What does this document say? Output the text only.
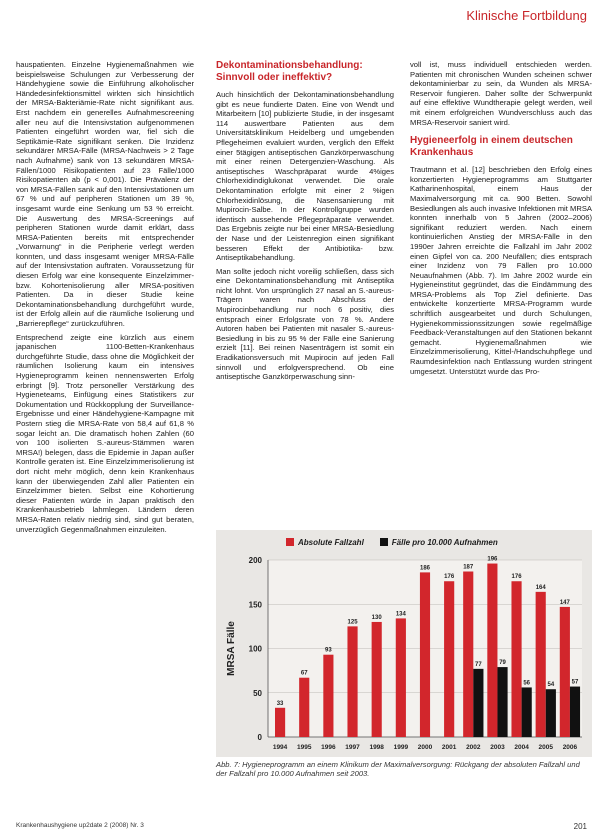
Klinische Fortbildung

hauspatienten. Einzelne Hygienemaßnahmen wie beispielsweise Schulungen zur Verbesserung der Händehygiene sowie die Einführung alkoholischer Händedesinfektionsmittel wirkten sich hinsichtlich der MRSA-Bakteriämie-Rate nicht signifikant aus. Erst nachdem ein generelles Aufnahmescreening aller neu auf die Intensivstation aufgenommenen Patienten eingeführt worden war, fiel sich die Septikämie-Rate signifikant senken. Die Inzidenz sekundärer MRSA-Fälle (MRSA-Nachweis > 2 Tage nach Aufnahme) sank von 13 sekundären MRSA-Fällen/1000 Risikopatienten auf 23 Fälle/1000 Risikopatienten ab (p < 0,001). Die Prävalenz der von MRSA-Fällen sank auf den Intensivstationen um 67 % und auf peripheren Stationen um 39 %, insgesamt wurde eine Senkung um 53 % erreicht. Die Auswertung des MRSA-Screenings auf peripheren Stationen wurde damit erklärt, dass MRSA-Patienten bereits mit entsprechender „Vorwarnung“ in die Peripherie verlegt werden konnten, und dass insgesamt weniger MRSA-Fälle auf der Intensivstation auftraten. Voraussetzung für diesen Erfolg war eine konsequente Einzelzimmer- bzw. Kohortenisolierung aller MRSA-positiven Patienten. Da in dieser Studie keine Dekontaminationsbehandlung durchgeführt wurde, ist der Erfolg allein auf die räumliche Isolierung und „Barrierepflege“ zurückzuführen.

Entsprechend zeigte eine kürzlich aus einem japanischen 1100-Betten-Krankenhaus durchgeführte Studie, dass ohne die Möglichkeit der räumlichen Isolierung kaum ein intensives Hygieneprogramm keinen nennenswerten Erfolg erbringt [9]. Trotz personeller Verstärkung des Hygieneteams, Einfügung eines Statistikers zur Dokumentation und Rückkopplung der Surveillance-Ergebnisse und einer Händehygiene-Kampagne mit Postern stieg die MRSA-Rate von 58,4 auf 61,8 % sogar leicht an. Die dramatisch hohen Zahlen (60 von 100 isolierten S.-aureus-Stämmen waren MRSA!) belegen, dass die Epidemie in Japan außer Kontrolle geraten ist. Eine Einzelzimmerisolierung ist dort nicht mehr möglich, denn kein Krankenhaus kann der überwiegenden Zahl aller Patienten ein Einzelzimmer bieten. Selbst eine Kohortierung dieser Patienten würde in Japan praktisch den Krankenhausbetrieb lahmlegen. Ländern deren MRSA-Raten relativ niedrig sind, sind gut beraten, unverzüglich Gegenmaßnahmen einzuleiten.

Dekontaminationsbehandlung: Sinnvoll oder ineffektiv?

Auch hinsichtlich der Dekontaminationsbehandlung gibt es neue fundierte Daten. Eine von Wendt und Mitarbeitern [10] publizierte Studie, in der insgesamt 114 auswertbare Patienten aus dem Universitätsklinikum Heidelberg und umgebenden Pflegeheimen evaluiert wurden, verglich den Effekt einer 5tägigen antiseptischen Ganzkörperwaschung mit einer reinen Detergenzien-Waschung. Als antiseptisches Waschpräparat wurde 4%iges Chlorhexidindiglukonat verwendet. Die orale Dekontamination erfolgte mit einer 2 %igen Chlorhexidinlösung, die Nasensanierung mit Mupirocin-Salbe. In der Kontrollgruppe wurden identisch aussehende Pflegepräparate verwendet. Das Ergebnis zeigte nur bei einer MRSA-Besiedlung der Nase und der Leistenregion einen signifikant besseren Effekt der Antibiotika- bzw. Antiseptikabehandlung.

Man sollte jedoch nicht voreilig schließen, dass sich eine Dekontaminationsbehandlung mit Antiseptika nicht lohnt. Von ursprünglich 27 nasal an S.-aureus-Trägern waren nach Abschluss der Mupirocinbehandlung nur noch 6 positiv, dies entsprach einer Erfolgsrate von 78 %. Andere Autoren haben bei Patienten mit nasaler S.-aureus-Besiedlung in bis zu 95 % der Fälle eine Sanierung erzielt [11]. Bei reinen Nasenträgern ist somit ein Eradikationsversuch mit Mupirocin auf jeden Fall sinnvoll und erfolgversprechend. Ob eine antiseptische Ganzkörperwaschung sinn-

voll ist, muss individuell entschieden werden. Patienten mit chronischen Wunden scheinen schwer dekontaminierbar zu sein, da Wunden als MRSA-Reservoir fungieren. Daher sollte der Schwerpunkt auf eine effektive Wundtherapie gelegt werden, weil mit einem erfolgreichen Wundverschluss auch das MRSA-Reservoir saniert wird.

Hygieneerfolg in einem deutschen Krankenhaus

Trautmann et al. [12] beschrieben den Erfolg eines konzertierten Hygieneprogramms am Stuttgarter Katharinenhospital, einem Haus der Maximalversorgung mit ca. 900 Betten. Sowohl Besiedlungen als auch invasive Infektionen mit MRSA konnten innerhalb von 5 Jahren (2002–2006) signifikant reduziert werden. Nach einem kontinuierlichen Anstieg der MRSA-Fälle in den 1990er Jahren erreichte die Fallzahl im Jahr 2002 einen Gipfel von ca. 200 Neufällen; dies entsprach einer Inzidenz von 79 Fällen pro 10.000 Neuaufnahmen (Abb. 7). Im Jahre 2002 wurde ein Hygieneinstitut gegründet, das die Eindämmung des MRSA-Problems als Top Ziel definierte. Das entwickelte konzertierte MRSA-Programm wurde schriftlich ausgearbeitet und durch Schulungen, Hygienekommissionssitzungen sowie regelmäßige Feedback-Veranstaltungen auf den Stationen bekannt gemacht. Hygienemaßnahmen wie Einzelzimmerisolierung, Kittel-/Handschuhpflege und Raumdesinfektion nach Entlassung wurden stringent umgesetzt. Unterstützt wurde das Pro-

Absolute Fallzahl	Fälle pro 10.000 Aufnahmen
0
50
100
150
200
MRSA Fälle
33
1994
67
1995
93
1996
125
1997
130
1998
134
1999
186
2000
176
2001
187
77
2002
196
79
2003
176
56
2004
164
54
2005
147
57
2006
Abb. 7: Hygieneprogramm an einem Klinikum der Maximalversorgung: Rückgang der absoluten Fallzahl und der Fallzahl pro 10.000 Aufnahmen seit 2003.
Krankenhaushygiene up2date 2 (2008) Nr. 3	201
